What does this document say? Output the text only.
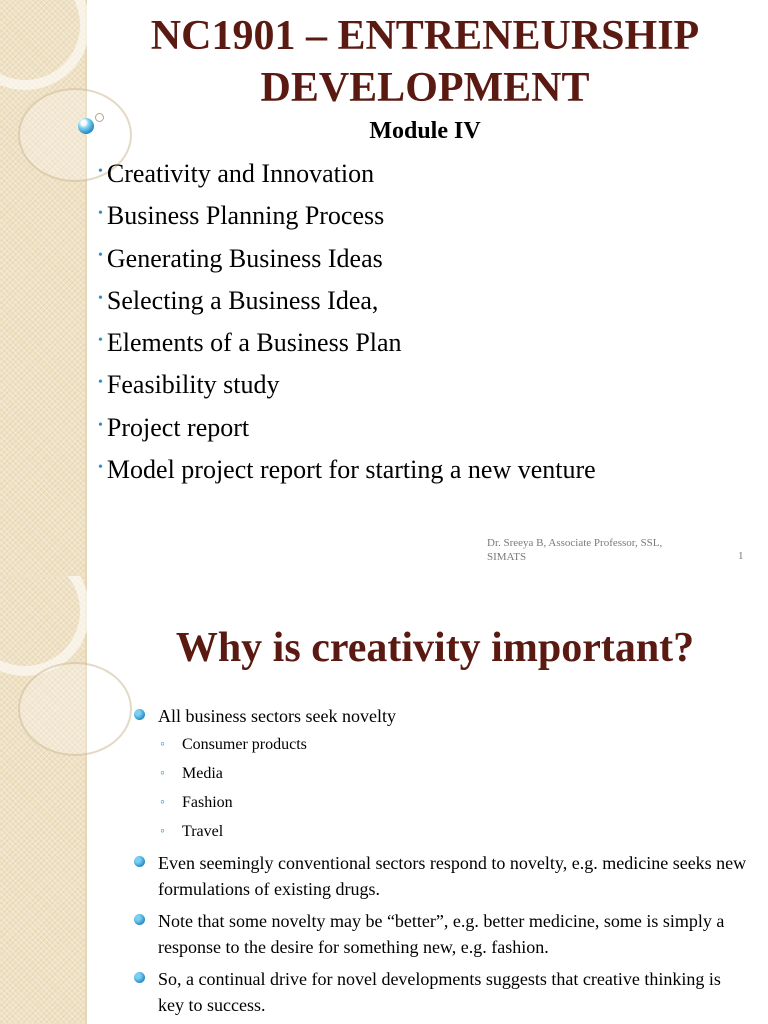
NC1901 – ENTRENEURSHIP DEVELOPMENT
Module IV
• Creativity and Innovation
• Business Planning Process
• Generating Business Ideas
• Selecting a Business Idea,
• Elements of a Business Plan
• Feasibility study
• Project report
• Model project report for starting a new venture
Dr. Sreeya B, Associate Professor, SSL, SIMATS	1
Why is creativity important?
All business sectors seek novelty
◦ Consumer products
◦ Media
◦ Fashion
◦ Travel
Even seemingly conventional sectors respond to novelty, e.g. medicine seeks new formulations of existing drugs.
Note that some novelty may be “better”, e.g. better medicine, some is simply a response to the desire for something new, e.g. fashion.
So, a continual drive for novel developments suggests that creative thinking is key to success.
